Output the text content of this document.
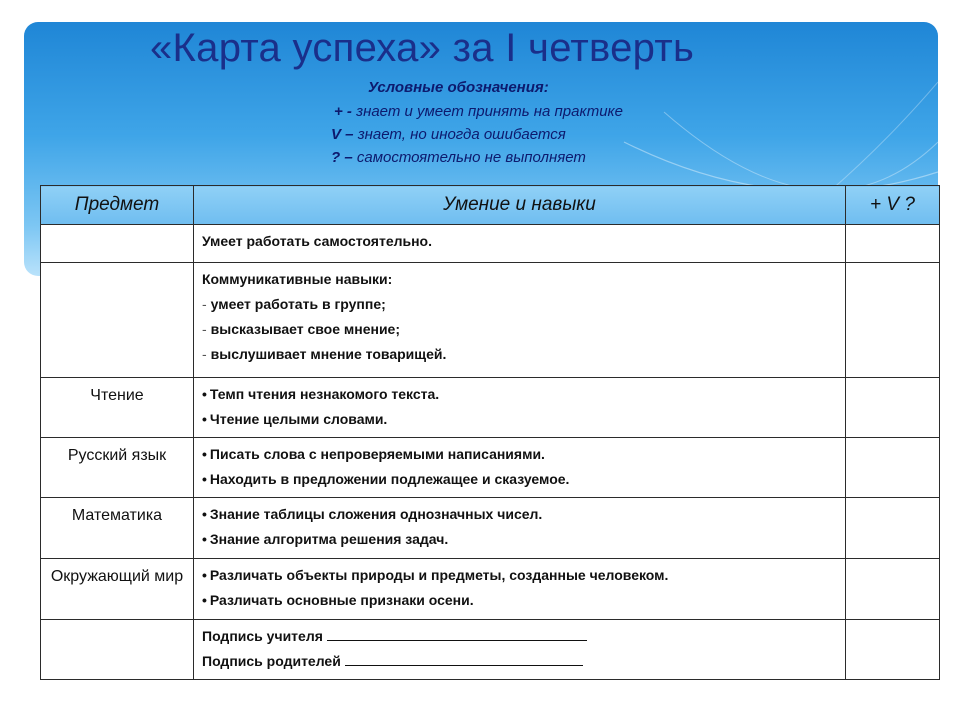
«Карта успеха» за I четверть
Условные обозначения:
+ - знает и умеет принять на практике
V – знает, но иногда ошибается
? – самостоятельно не выполняет
Предмет	Умение и навыки	+ V ?

	Умеет работать самостоятельно.	

	Коммуникативные навыки:
- умеет работать в группе;
- высказывает свое мнение;
- выслушивает мнение товарищей.

Чтение	• Темп чтения незнакомого текста.
• Чтение целыми словами.

Русский язык	• Писать слова с непроверяемыми написаниями.
• Находить в предложении подлежащее и сказуемое.

Математика	• Знание таблицы сложения однозначных чисел.
• Знание алгоритма решения задач.

Окружающий мир	• Различать объекты природы и предметы, созданные человеком.
• Различать основные признаки осени.

	Подпись учителя
Подпись родителей	
